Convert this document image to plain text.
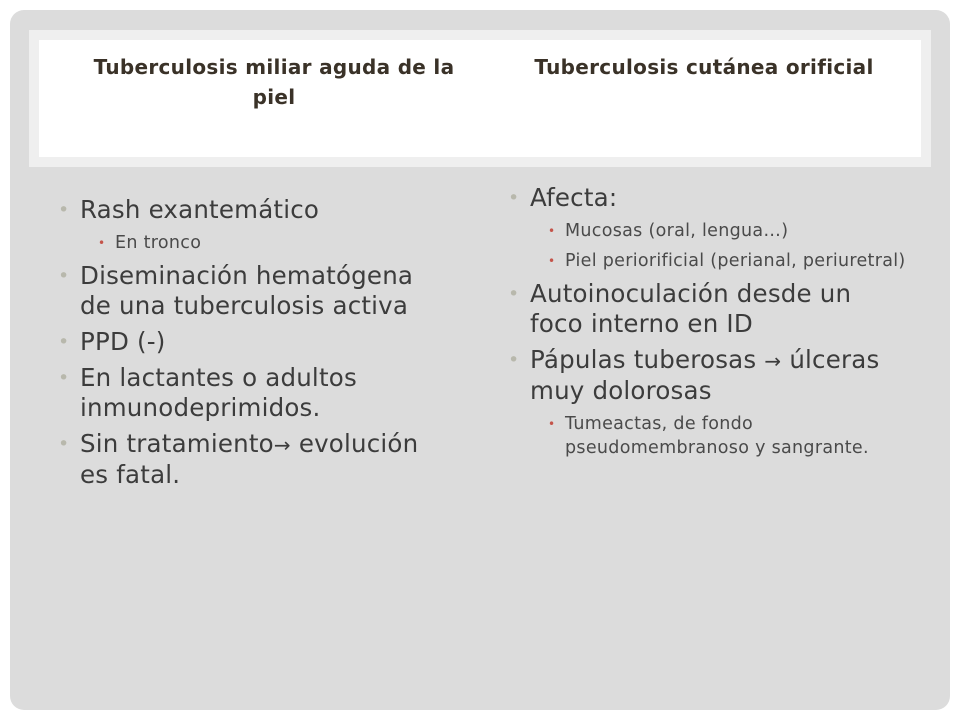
Tuberculosis miliar aguda de la piel
Tuberculosis cutánea orificial
• Rash exantemático
• En tronco
• Diseminación hematógena de una tuberculosis activa
• PPD (-)
• En lactantes o adultos inmunodeprimidos.
• Sin tratamiento→ evolución es fatal.
• Afecta:
• Mucosas (oral, lengua…)
• Piel periorificial (perianal, periuretral)
• Autoinoculación desde un foco interno en ID
• Pápulas tuberosas → úlceras muy dolorosas
• Tumeactas, de fondo pseudomembranoso y sangrante.
